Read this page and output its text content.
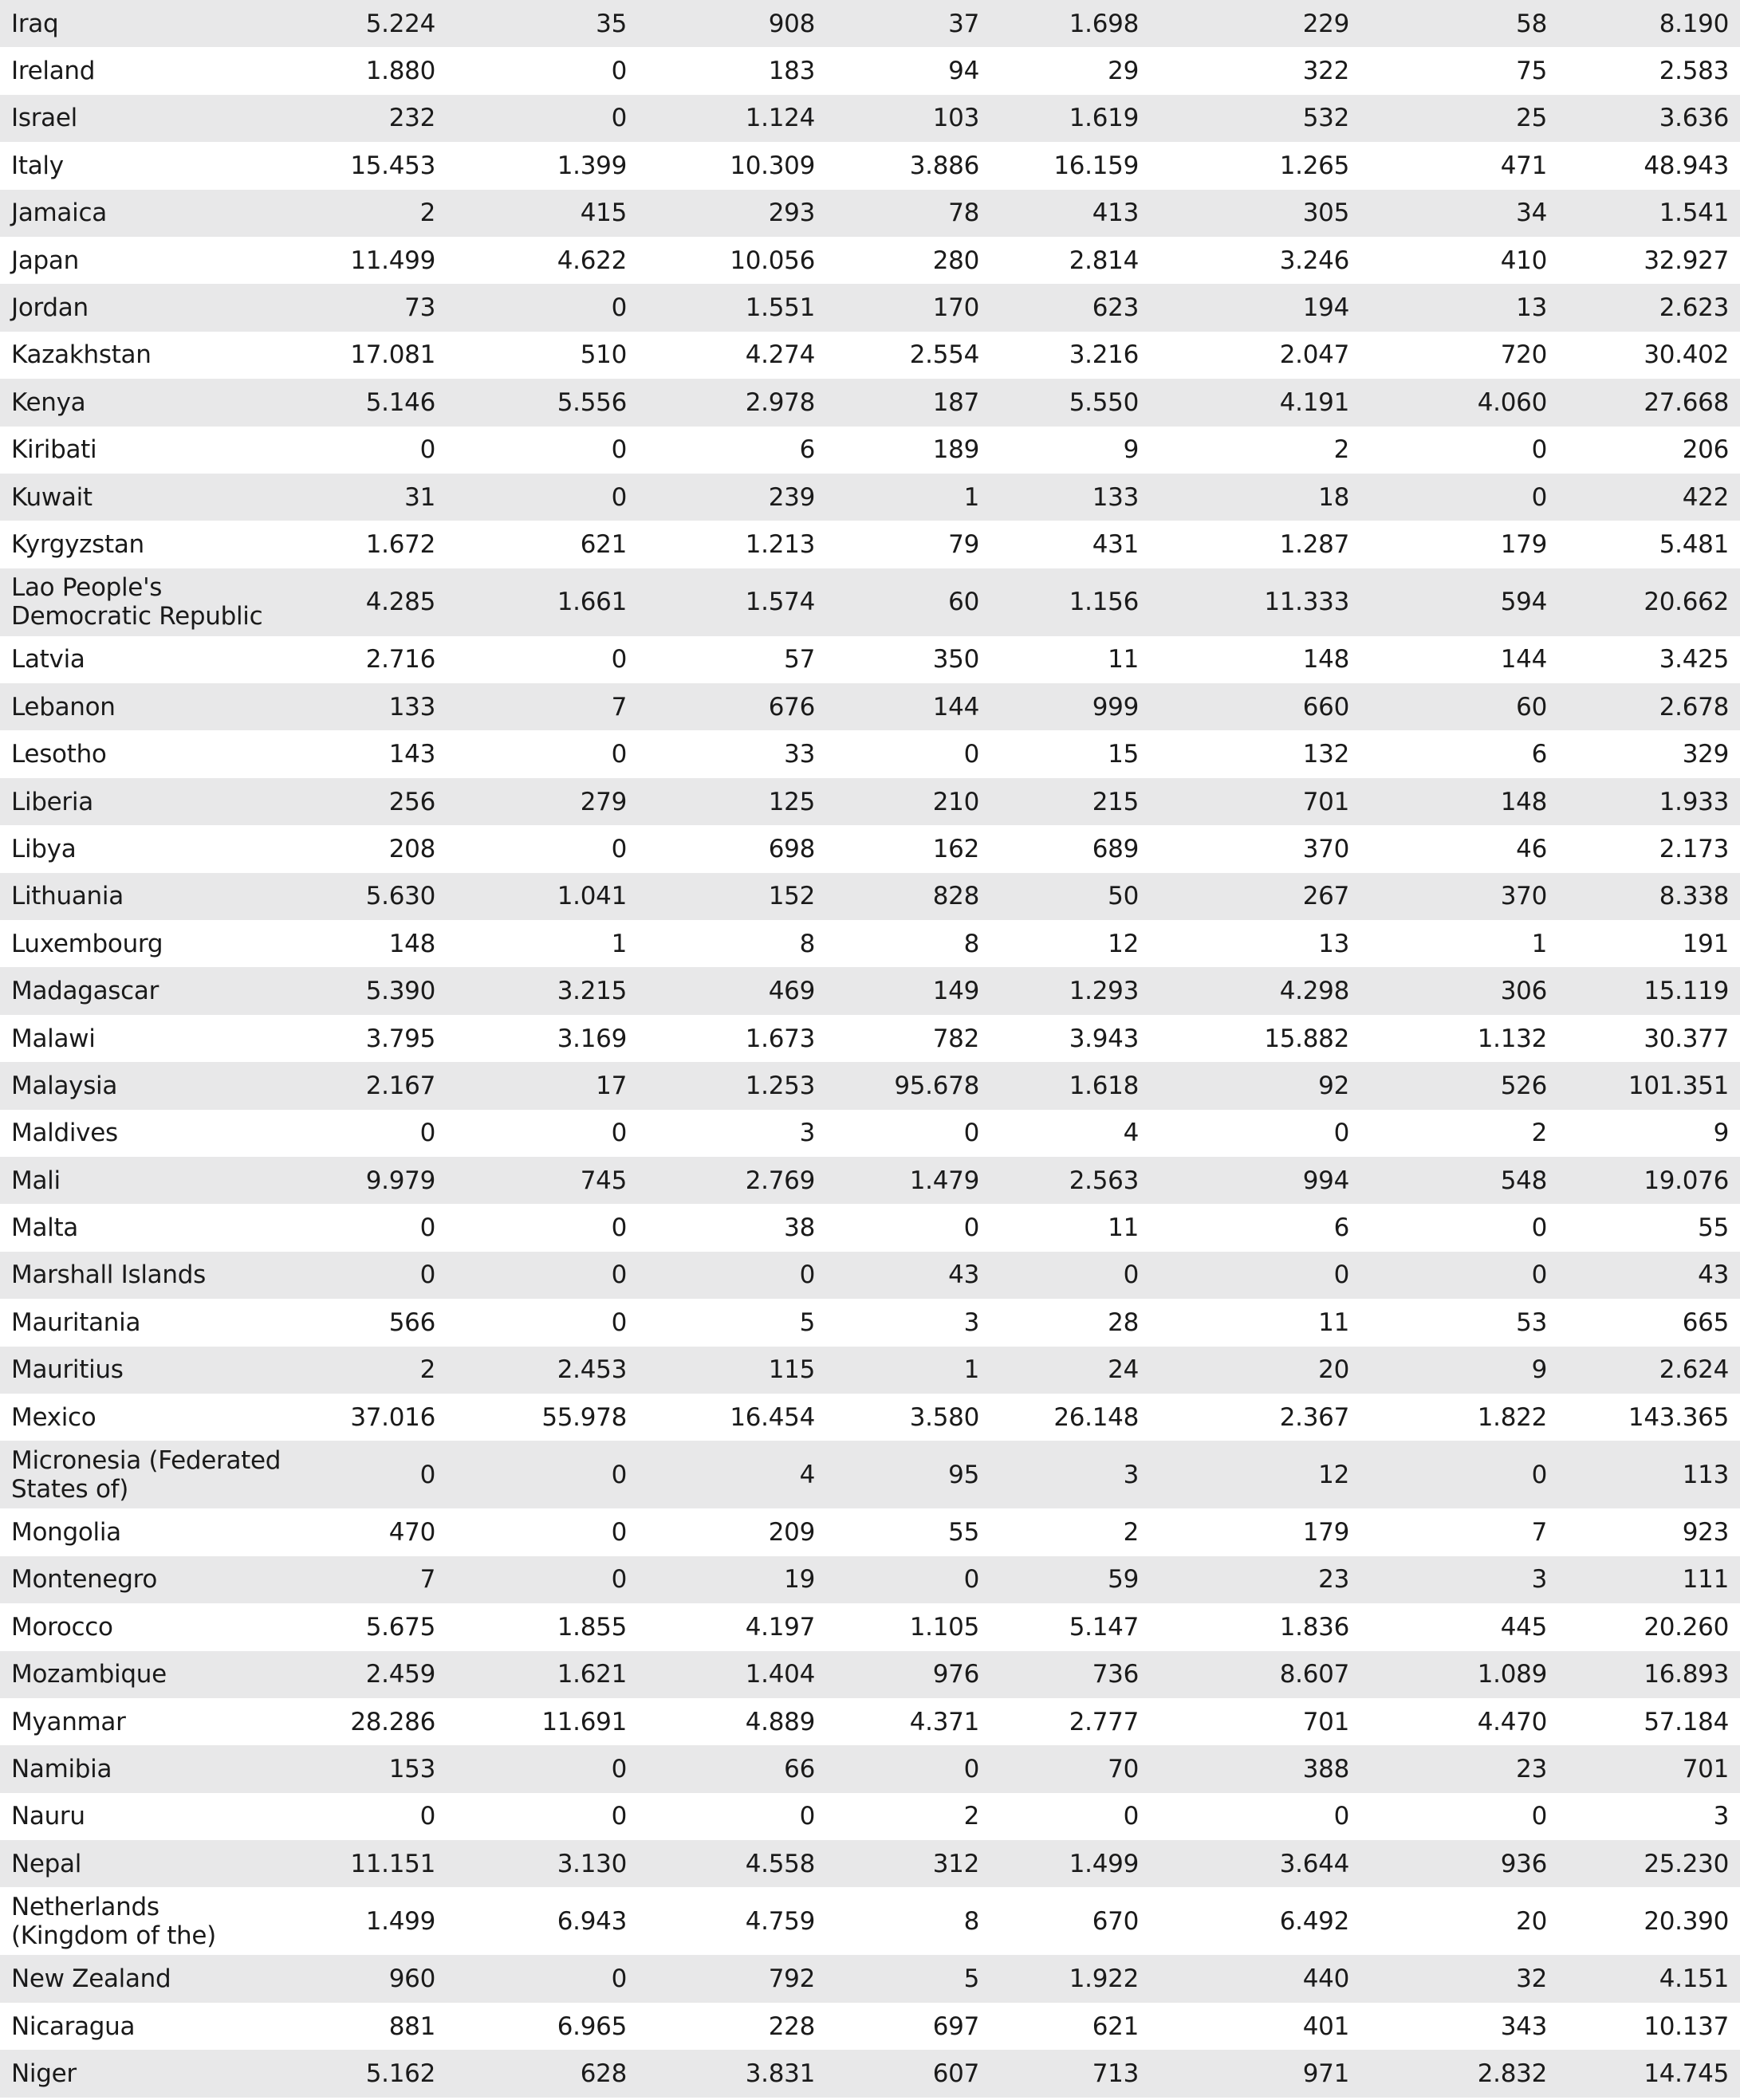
Iraq	5.224	35	908	37	1.698	229	58	8.190
Ireland	1.880	0	183	94	29	322	75	2.583
Israel	232	0	1.124	103	1.619	532	25	3.636
Italy	15.453	1.399	10.309	3.886	16.159	1.265	471	48.943
Jamaica	2	415	293	78	413	305	34	1.541
Japan	11.499	4.622	10.056	280	2.814	3.246	410	32.927
Jordan	73	0	1.551	170	623	194	13	2.623
Kazakhstan	17.081	510	4.274	2.554	3.216	2.047	720	30.402
Kenya	5.146	5.556	2.978	187	5.550	4.191	4.060	27.668
Kiribati	0	0	6	189	9	2	0	206
Kuwait	31	0	239	1	133	18	0	422
Kyrgyzstan	1.672	621	1.213	79	431	1.287	179	5.481
Lao People's Democratic Republic	4.285	1.661	1.574	60	1.156	11.333	594	20.662
Latvia	2.716	0	57	350	11	148	144	3.425
Lebanon	133	7	676	144	999	660	60	2.678
Lesotho	143	0	33	0	15	132	6	329
Liberia	256	279	125	210	215	701	148	1.933
Libya	208	0	698	162	689	370	46	2.173
Lithuania	5.630	1.041	152	828	50	267	370	8.338
Luxembourg	148	1	8	8	12	13	1	191
Madagascar	5.390	3.215	469	149	1.293	4.298	306	15.119
Malawi	3.795	3.169	1.673	782	3.943	15.882	1.132	30.377
Malaysia	2.167	17	1.253	95.678	1.618	92	526	101.351
Maldives	0	0	3	0	4	0	2	9
Mali	9.979	745	2.769	1.479	2.563	994	548	19.076
Malta	0	0	38	0	11	6	0	55
Marshall Islands	0	0	0	43	0	0	0	43
Mauritania	566	0	5	3	28	11	53	665
Mauritius	2	2.453	115	1	24	20	9	2.624
Mexico	37.016	55.978	16.454	3.580	26.148	2.367	1.822	143.365
Micronesia (Federated States of)	0	0	4	95	3	12	0	113
Mongolia	470	0	209	55	2	179	7	923
Montenegro	7	0	19	0	59	23	3	111
Morocco	5.675	1.855	4.197	1.105	5.147	1.836	445	20.260
Mozambique	2.459	1.621	1.404	976	736	8.607	1.089	16.893
Myanmar	28.286	11.691	4.889	4.371	2.777	701	4.470	57.184
Namibia	153	0	66	0	70	388	23	701
Nauru	0	0	0	2	0	0	0	3
Nepal	11.151	3.130	4.558	312	1.499	3.644	936	25.230
Netherlands (Kingdom of the)	1.499	6.943	4.759	8	670	6.492	20	20.390
New Zealand	960	0	792	5	1.922	440	32	4.151
Nicaragua	881	6.965	228	697	621	401	343	10.137
Niger	5.162	628	3.831	607	713	971	2.832	14.745
